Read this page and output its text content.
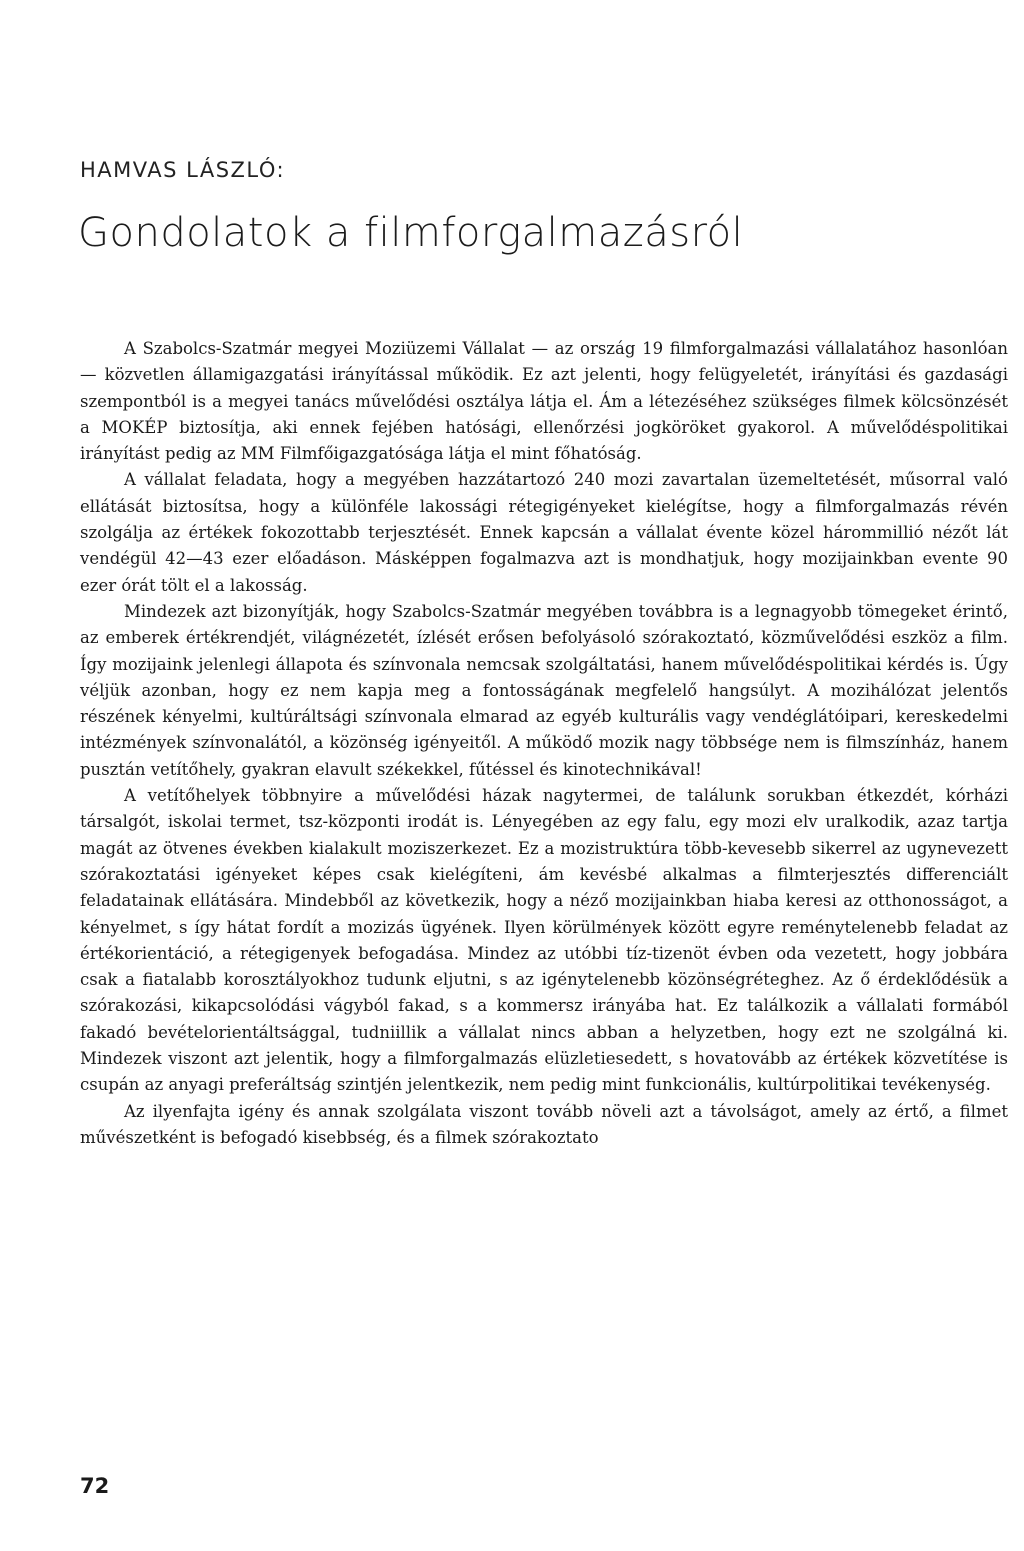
HAMVAS LÁSZLÓ:
Gondolatok a filmforgalmazásról

A Szabolcs-Szatmár megyei Moziüzemi Vállalat — az ország 19 filmforgalmazási vállalatához hasonlóan — közvetlen államigazgatási irányítással működik. Ez azt jelenti, hogy felügyeletét, irányítási és gazdasági szempontból is a megyei tanács művelődési osztálya látja el. Ám a létezéséhez szükséges filmek kölcsönzését a MOKÉP biztosítja, aki ennek fejében hatósági, ellenőrzési jogköröket gyakorol. A művelődéspolitikai irányítást pedig az MM Filmfőigazgatósága látja el mint főhatóság.

A vállalat feladata, hogy a megyében hazzátartozó 240 mozi zavartalan üzemeltetését, műsorral való ellátását biztosítsa, hogy a különféle lakossági rétegigényeket kielégítse, hogy a filmforgalmazás révén szolgálja az értékek fokozottabb terjesztését. Ennek kapcsán a vállalat évente közel hárommillió nézőt lát vendégül 42—43 ezer előadáson. Másképpen fogalmazva azt is mondhatjuk, hogy mozijainkban evente 90 ezer órát tölt el a lakosság.

Mindezek azt bizonyítják, hogy Szabolcs-Szatmár megyében továbbra is a legnagyobb tömegeket érintő, az emberek értékrendjét, világnézetét, ízlését erősen befolyásoló szórakoztató, közművelődési eszköz a film. Így mozijaink jelenlegi állapota és színvonala nemcsak szolgáltatási, hanem művelődéspolitikai kérdés is. Úgy véljük azonban, hogy ez nem kapja meg a fontosságának megfelelő hangsúlyt. A mozihálózat jelentős részének kényelmi, kultúráltsági színvonala elmarad az egyéb kulturális vagy vendéglátóipari, kereskedelmi intézmények színvonalától, a közönség igényeitől. A működő mozik nagy többsége nem is filmszínház, hanem pusztán vetítőhely, gyakran elavult székekkel, fűtéssel és kinotechnikával!

A vetítőhelyek többnyire a művelődési házak nagytermei, de találunk sorukban étkezdét, kórházi társalgót, iskolai termet, tsz-központi irodát is. Lényegében az egy falu, egy mozi elv uralkodik, azaz tartja magát az ötvenes években kialakult moziszerkezet. Ez a mozistruktúra több-kevesebb sikerrel az ugynevezett szórakoztatási igényeket képes csak kielégíteni, ám kevésbé alkalmas a filmterjesztés differenciált feladatainak ellátására. Mindebből az következik, hogy a néző mozijainkban hiaba keresi az otthonosságot, a kényelmet, s így hátat fordít a mozizás ügyének. Ilyen körülmények között egyre reménytelenebb feladat az értékorientáció, a rétegigenyek befogadása. Mindez az utóbbi tíz-tizenöt évben oda vezetett, hogy jobbára csak a fiatalabb korosztályokhoz tudunk eljutni, s az igénytelenebb közönségréteghez. Az ő érdeklődésük a szórakozási, kikapcsolódási vágyból fakad, s a kommersz irányába hat. Ez találkozik a vállalati formából fakadó bevételorientáltsággal, tudniillik a vállalat nincs abban a helyzetben, hogy ezt ne szolgálná ki. Mindezek viszont azt jelentik, hogy a filmforgalmazás elüzletiesedett, s hovatovább az értékek közvetítése is csupán az anyagi preferáltság szintjén jelentkezik, nem pedig mint funkcionális, kultúrpolitikai tevékenység.

Az ilyenfajta igény és annak szolgálata viszont tovább növeli azt a távolságot, amely az értő, a filmet művészetként is befogadó kisebbség, és a filmek szórakoztato

72
